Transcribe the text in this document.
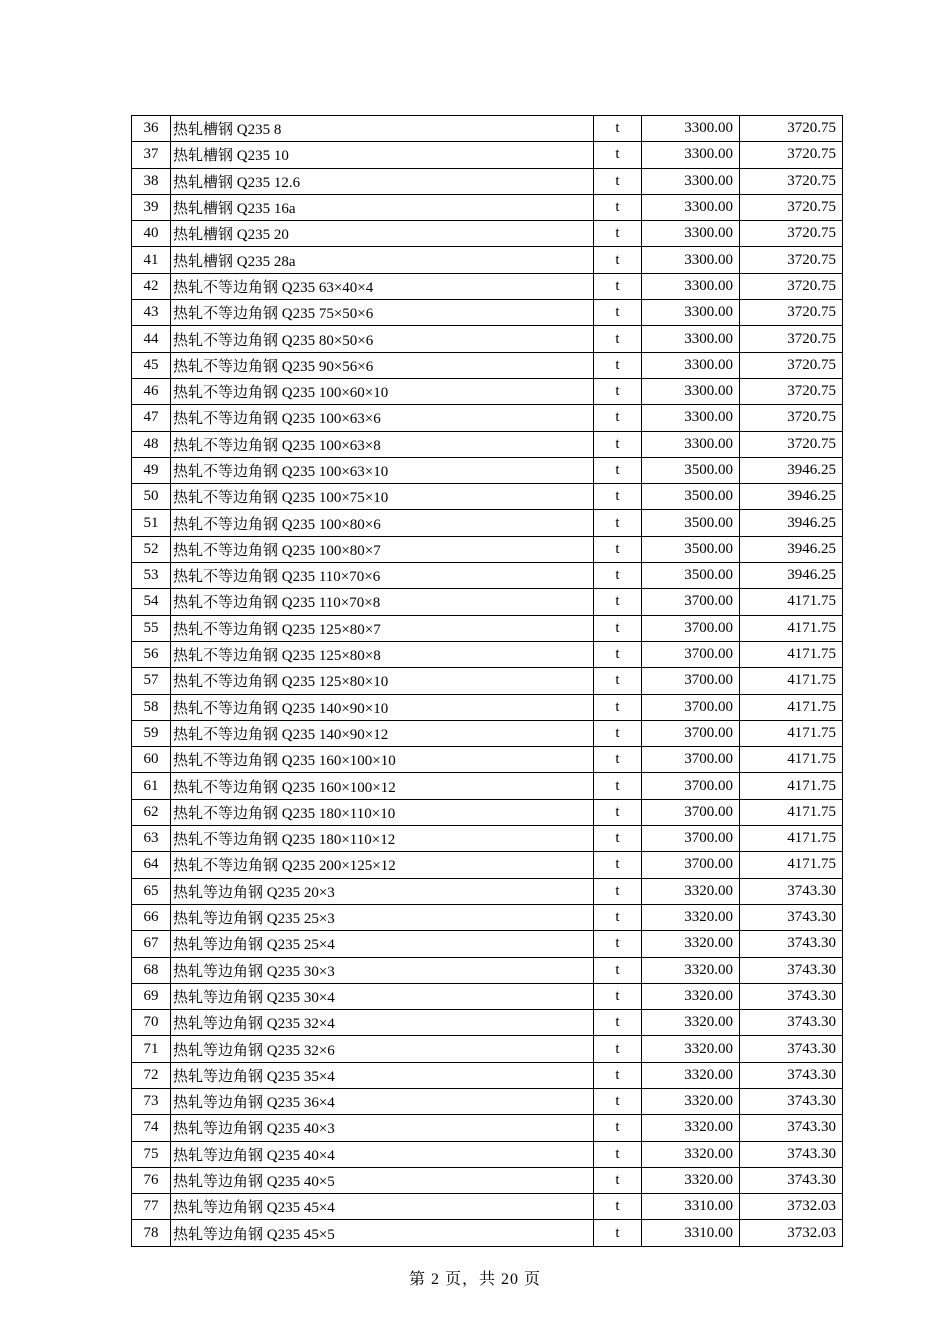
36	热轧槽钢 Q235 8	t	3300.00	3720.75
37	热轧槽钢 Q235 10	t	3300.00	3720.75
38	热轧槽钢 Q235 12.6	t	3300.00	3720.75
39	热轧槽钢 Q235 16a	t	3300.00	3720.75
40	热轧槽钢 Q235 20	t	3300.00	3720.75
41	热轧槽钢 Q235 28a	t	3300.00	3720.75
42	热轧不等边角钢 Q235 63×40×4	t	3300.00	3720.75
43	热轧不等边角钢 Q235 75×50×6	t	3300.00	3720.75
44	热轧不等边角钢 Q235 80×50×6	t	3300.00	3720.75
45	热轧不等边角钢 Q235 90×56×6	t	3300.00	3720.75
46	热轧不等边角钢 Q235 100×60×10	t	3300.00	3720.75
47	热轧不等边角钢 Q235 100×63×6	t	3300.00	3720.75
48	热轧不等边角钢 Q235 100×63×8	t	3300.00	3720.75
49	热轧不等边角钢 Q235 100×63×10	t	3500.00	3946.25
50	热轧不等边角钢 Q235 100×75×10	t	3500.00	3946.25
51	热轧不等边角钢 Q235 100×80×6	t	3500.00	3946.25
52	热轧不等边角钢 Q235 100×80×7	t	3500.00	3946.25
53	热轧不等边角钢 Q235 110×70×6	t	3500.00	3946.25
54	热轧不等边角钢 Q235 110×70×8	t	3700.00	4171.75
55	热轧不等边角钢 Q235 125×80×7	t	3700.00	4171.75
56	热轧不等边角钢 Q235 125×80×8	t	3700.00	4171.75
57	热轧不等边角钢 Q235 125×80×10	t	3700.00	4171.75
58	热轧不等边角钢 Q235 140×90×10	t	3700.00	4171.75
59	热轧不等边角钢 Q235 140×90×12	t	3700.00	4171.75
60	热轧不等边角钢 Q235 160×100×10	t	3700.00	4171.75
61	热轧不等边角钢 Q235 160×100×12	t	3700.00	4171.75
62	热轧不等边角钢 Q235 180×110×10	t	3700.00	4171.75
63	热轧不等边角钢 Q235 180×110×12	t	3700.00	4171.75
64	热轧不等边角钢 Q235 200×125×12	t	3700.00	4171.75
65	热轧等边角钢 Q235 20×3	t	3320.00	3743.30
66	热轧等边角钢 Q235 25×3	t	3320.00	3743.30
67	热轧等边角钢 Q235 25×4	t	3320.00	3743.30
68	热轧等边角钢 Q235 30×3	t	3320.00	3743.30
69	热轧等边角钢 Q235 30×4	t	3320.00	3743.30
70	热轧等边角钢 Q235 32×4	t	3320.00	3743.30
71	热轧等边角钢 Q235 32×6	t	3320.00	3743.30
72	热轧等边角钢 Q235 35×4	t	3320.00	3743.30
73	热轧等边角钢 Q235 36×4	t	3320.00	3743.30
74	热轧等边角钢 Q235 40×3	t	3320.00	3743.30
75	热轧等边角钢 Q235 40×4	t	3320.00	3743.30
76	热轧等边角钢 Q235 40×5	t	3320.00	3743.30
77	热轧等边角钢 Q235 45×4	t	3310.00	3732.03
78	热轧等边角钢 Q235 45×5	t	3310.00	3732.03
第 2 页，共 20 页
